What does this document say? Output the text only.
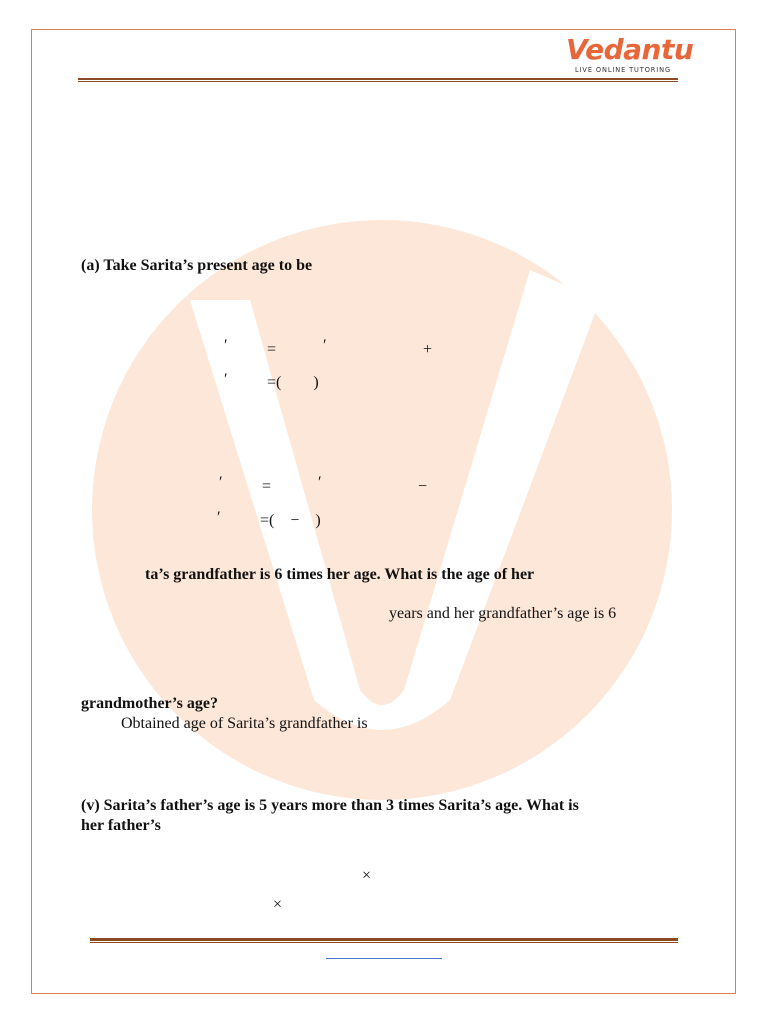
Vedantu
LIVE ONLINE TUTORING
(a) Take Sarita’s present age to be
′ =	′	+
′ =(  )
′ =	′	−
′ =( − )
ta’s grandfather is 6 times her age. What is the age of her
years and her grandfather’s age is 6
grandmother’s age?
Obtained age of Sarita’s grandfather is
(v) Sarita’s father’s age is 5 years more than 3 times Sarita’s age. What is
her father’s
×
×
